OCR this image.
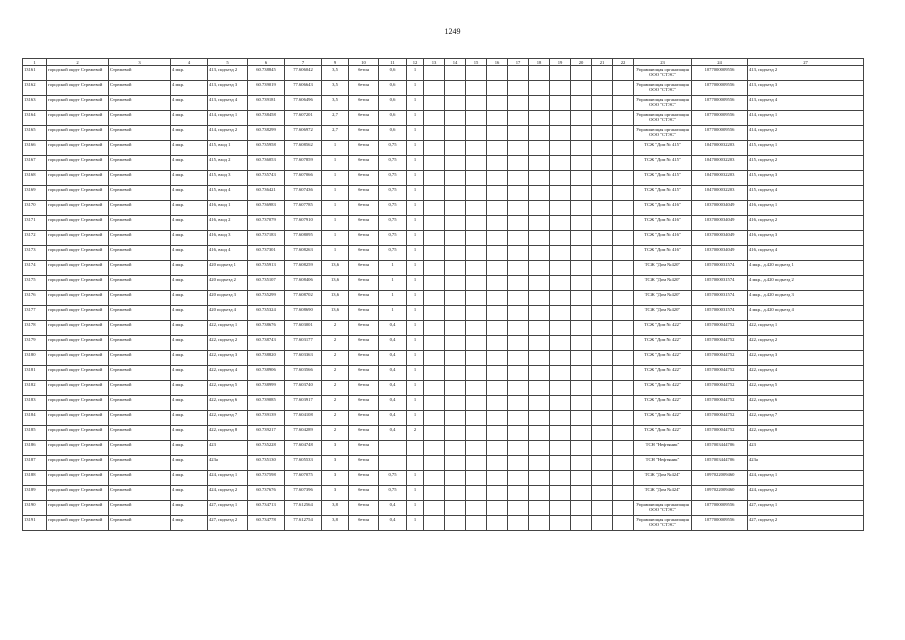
1249
1	2	3	4	5	6	7	9	10	11	12	13	14	15	16	17	18	19	20	21	22	23	24	27
13161	городской округ Стрежевой	Стрежевой	4 мкр.	413, подъезд 2	60.738845	77.606042	3,5	бетон	0,6	1											Управляющая организация ООО "СТЭС"	1077000009556	413, подъезд 2
13162	городской округ Стрежевой	Стрежевой	4 мкр.	413, подъезд 3	60.739019	77.606643	3,5	бетон	0,6	1											Управляющая организация ООО "СТЭС"	1077000009556	413, подъезд 3
13163	городской округ Стрежевой	Стрежевой	4 мкр.	413, подъезд 4	60.739181	77.606496	3,5	бетон	0,6	1											Управляющая организация ООО "СТЭС"	1077000009556	413, подъезд 4
13164	городской округ Стрежевой	Стрежевой	4 мкр.	414, подъезд 1	60.738458	77.607201	2,7	бетон	0,6	1											Управляющая организация ООО "СТЭС"	1077000009556	414, подъезд 1
13165	городской округ Стрежевой	Стрежевой	4 мкр.	414, подъезд 2	60.738299	77.606972	2,7	бетон	0,6	1											Управляющая организация ООО "СТЭС"	1077000009556	414, подъезд 2
13166	городской округ Стрежевой	Стрежевой	4 мкр.	415, вход 1	60.735958	77.608562	1	бетон	0,75	1											ТСЖ "Дом № 415"	1047000032203	415, подъезд 1
13167	городской округ Стрежевой	Стрежевой	4 мкр.	415, вход 2	60.736053	77.607859	1	бетон	0,75	1											ТСЖ "Дом № 415"	1047000032203	415, подъезд 2
13168	городской округ Стрежевой	Стрежевой	4 мкр.	415, вход 3	60.735743	77.607066	1	бетон	0,75	1											ТСЖ "Дом № 415"	1047000032203	415, подъезд 3
13169	городской округ Стрежевой	Стрежевой	4 мкр.	415, вход 4	60.736421	77.607436	1	бетон	0,75	1											ТСЖ "Дом № 415"	1047000032203	415, подъезд 4
13170	городской округ Стрежевой	Стрежевой	4 мкр.	416, вход 1	60.736983	77.607785	1	бетон	0,75	1											ТСЖ "Дом № 416"	1037000034049	416, подъезд 1
13171	городской округ Стрежевой	Стрежевой	4 мкр.	416, вход 2	60.737079	77.607910	1	бетон	0,75	1											ТСЖ "Дом № 416"	1037000034049	416, подъезд 2
13172	городской округ Стрежевой	Стрежевой	4 мкр.	416, вход 3	60.737183	77.608095	1	бетон	0,75	1											ТСЖ "Дом № 416"	1037000034049	416, подъезд 3
13173	городской округ Стрежевой	Стрежевой	4 мкр.	416, вход 4	60.737301	77.608263	1	бетон	0,75	1											ТСЖ "Дом № 416"	1037000034049	416, подъезд 4
13174	городской округ Стрежевой	Стрежевой	4 мкр.	420 подъезд 1	60.735913	77.608259	13,6	бетон	1	1											ТСЖ "Дом №420"	1057000031574	4 мкр., д.420 подъезд 1
13175	городской округ Стрежевой	Стрежевой	4 мкр.	420 подъезд 2	60.735107	77.608406	13,6	бетон	1	1											ТСЖ "Дом №420"	1057000031574	4 мкр., д.420 подъезд 2
13176	городской округ Стрежевой	Стрежевой	4 мкр.	420 подъезд 3	60.735299	77.608702	13,6	бетон	1	1											ТСЖ "Дом №420"	1057000031574	4 мкр., д.420 подъезд 3
13177	городской округ Стрежевой	Стрежевой	4 мкр.	420 подъезд 4	60.735324	77.608690	13,6	бетон	1	1											ТСЖ "Дом №420"	1057000031574	4 мкр., д.420 подъезд 4
13178	городской округ Стрежевой	Стрежевой	4 мкр.	422, подъезд 1	60.738676	77.603001	2	бетон	0,4	1											ТСЖ "Дом № 422"	1057000044752	422, подъезд 1
13179	городской округ Стрежевой	Стрежевой	4 мкр.	422, подъезд 2	60.738743	77.603177	2	бетон	0,4	1											ТСЖ "Дом № 422"	1057000044752	422, подъезд 2
13180	городской округ Стрежевой	Стрежевой	4 мкр.	422, подъезд 3	60.738820	77.603363	2	бетон	0,4	1											ТСЖ "Дом № 422"	1057000044752	422, подъезд 3
13181	городской округ Стрежевой	Стрежевой	4 мкр.	422, подъезд 4	60.738906	77.603566	2	бетон	0,4	1											ТСЖ "Дом № 422"	1057000044752	422, подъезд 4
13182	городской округ Стрежевой	Стрежевой	4 мкр.	422, подъезд 5	60.738999	77.603740	2	бетон	0,4	1											ТСЖ "Дом № 422"	1057000044752	422, подъезд 5
13183	городской округ Стрежевой	Стрежевой	4 мкр.	422, подъезд 6	60.739085	77.603917	2	бетон	0,4	1											ТСЖ "Дом № 422"	1057000044752	422, подъезд 6
13184	городской округ Стрежевой	Стрежевой	4 мкр.	422, подъезд 7	60.739139	77.604108	2	бетон	0,4	1											ТСЖ "Дом № 422"	1057000044752	422, подъезд 7
13185	городской округ Стрежевой	Стрежевой	4 мкр.	422, подъезд 8	60.739217	77.604289	2	бетон	0,4	2											ТСЖ "Дом № 422"	1057000044752	422, подъезд 8
13186	городской округ Стрежевой	Стрежевой	4 мкр.	423	60.735228	77.604748	3	бетон													ТСН "Нефтяник"	1057003444706	423
13187	городской округ Стрежевой	Стрежевой	4 мкр.	423а	60.735130	77.605533	3	бетон													ТСН "Нефтяник"	1057003444706	423а
13188	городской округ Стрежевой	Стрежевой	4 мкр.	424, подъезд 1	60.737598	77.607075	3	бетон	0,75	1											ТСЖ "Дом №424"	1097022009460	424, подъезд 1
13189	городской округ Стрежевой	Стрежевой	4 мкр.	424, подъезд 2	60.737676	77.607396	3	бетон	0,75	1											ТСЖ "Дом №424"	1097022009460	424, подъезд 2
13190	городской округ Стрежевой	Стрежевой	4 мкр.	427, подъезд 1	60.734713	77.612564	3,8	бетон	0,4	1											Управляющая организация ООО "СТЭС"	1077000009556	427, подъезд 1
13191	городской округ Стрежевой	Стрежевой	4 мкр.	427, подъезд 2	60.734778	77.612754	3,8	бетон	0,4	1											Управляющая организация ООО "СТЭС"	1077000009556	427, подъезд 2
